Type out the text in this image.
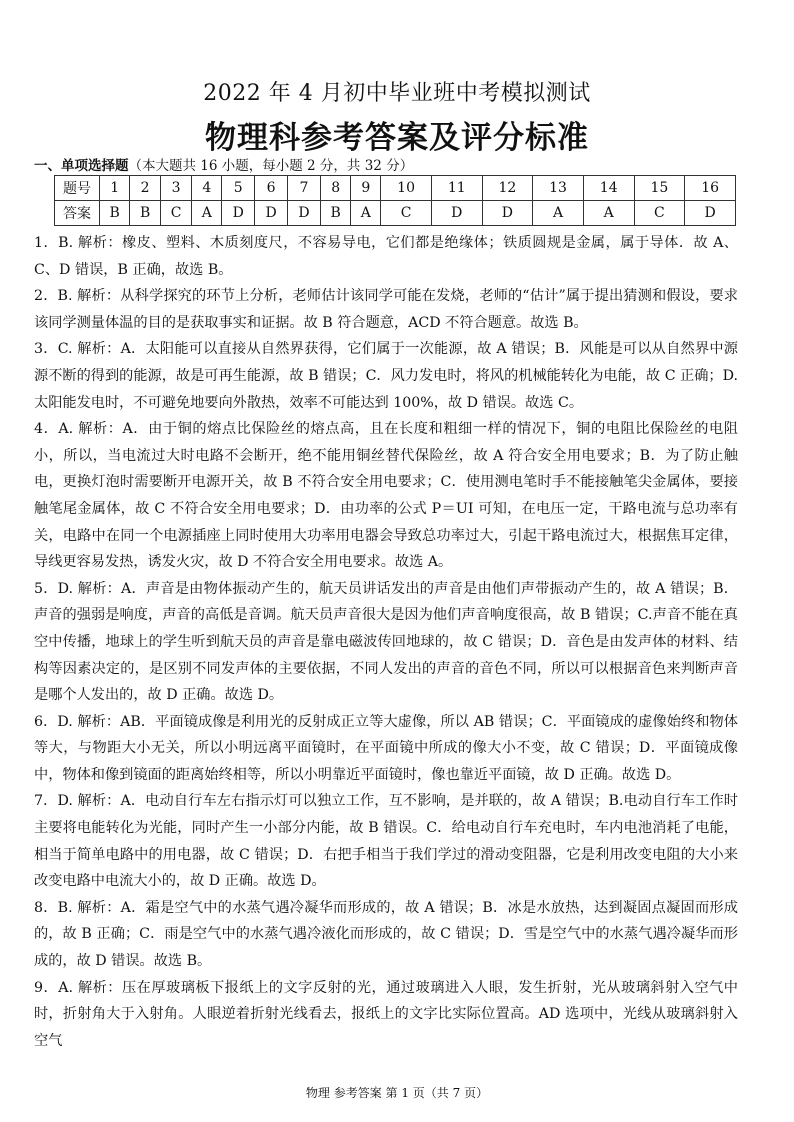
2022 年 4 月初中毕业班中考模拟测试
物理科参考答案及评分标准
一、单项选择题（本大题共 16 小题，每小题 2 分，共 32 分）
题号	1	2	3	4	5	6	7	8	9	10	11	12	13	14	15	16
答案	B	B	C	A	D	D	D	B	A	C	D	D	A	A	C	D

1．B. 解析：橡皮、塑料、木质刻度尺，不容易导电，它们都是绝缘体；铁质圆规是金属，属于导体．故 A、C、D 错误，B 正确，故选 B。

2．B. 解析：从科学探究的环节上分析，老师估计该同学可能在发烧，老师的“估计”属于提出猜测和假设，要求该同学测量体温的目的是获取事实和证据。故 B 符合题意，ACD 不符合题意。故选 B。

3．C. 解析：A．太阳能可以直接从自然界获得，它们属于一次能源，故 A 错误；B．风能是可以从自然界中源源不断的得到的能源，故是可再生能源，故 B 错误；C．风力发电时，将风的机械能转化为电能，故 C 正确；D.太阳能发电时，不可避免地要向外散热，效率不可能达到 100%，故 D 错误。故选 C。

4．A. 解析：A．由于铜的熔点比保险丝的熔点高，且在长度和粗细一样的情况下，铜的电阻比保险丝的电阻小，所以，当电流过大时电路不会断开，绝不能用铜丝替代保险丝，故 A 符合安全用电要求；B．为了防止触电，更换灯泡时需要断开电源开关，故 B 不符合安全用电要求；C．使用测电笔时手不能接触笔尖金属体，要接触笔尾金属体，故 C 不符合安全用电要求；D．由功率的公式 P＝UI 可知，在电压一定，干路电流与总功率有关，电路中在同一个电源插座上同时使用大功率用电器会导致总功率过大，引起干路电流过大，根据焦耳定律，导线更容易发热，诱发火灾，故 D 不符合安全用电要求。故选 A。

5．D. 解析：A．声音是由物体振动产生的，航天员讲话发出的声音是由他们声带振动产生的，故 A 错误；B．声音的强弱是响度，声音的高低是音调。航天员声音很大是因为他们声音响度很高，故 B 错误；C.声音不能在真空中传播，地球上的学生听到航天员的声音是靠电磁波传回地球的，故 C 错误；D．音色是由发声体的材料、结构等因素决定的，是区别不同发声体的主要依据，不同人发出的声音的音色不同，所以可以根据音色来判断声音是哪个人发出的，故 D 正确。故选 D。

6．D. 解析：AB．平面镜成像是利用光的反射成正立等大虚像，所以 AB 错误；C．平面镜成的虚像始终和物体等大，与物距大小无关，所以小明远离平面镜时，在平面镜中所成的像大小不变，故 C 错误；D．平面镜成像中，物体和像到镜面的距离始终相等，所以小明靠近平面镜时，像也靠近平面镜，故 D 正确。故选 D。

7．D. 解析：A．电动自行车左右指示灯可以独立工作，互不影响，是并联的，故 A 错误；B.电动自行车工作时主要将电能转化为光能，同时产生一小部分内能，故 B 错误。C．给电动自行车充电时，车内电池消耗了电能，相当于简单电路中的用电器，故 C 错误；D．右把手相当于我们学过的滑动变阻器，它是利用改变电阻的大小来改变电路中电流大小的，故 D 正确。故选 D。

8．B. 解析：A．霜是空气中的水蒸气遇冷凝华而形成的，故 A 错误；B．冰是水放热，达到凝固点凝固而形成的，故 B 正确；C．雨是空气中的水蒸气遇冷液化而形成的，故 C 错误；D．雪是空气中的水蒸气遇冷凝华而形成的，故 D 错误。故选 B。

9．A. 解析：压在厚玻璃板下报纸上的文字反射的光，通过玻璃进入人眼，发生折射，光从玻璃斜射入空气中时，折射角大于入射角。人眼逆着折射光线看去，报纸上的文字比实际位置高。AD 选项中，光线从玻璃斜射入空气

物理 参考答案 第 1 页（共 7 页）
